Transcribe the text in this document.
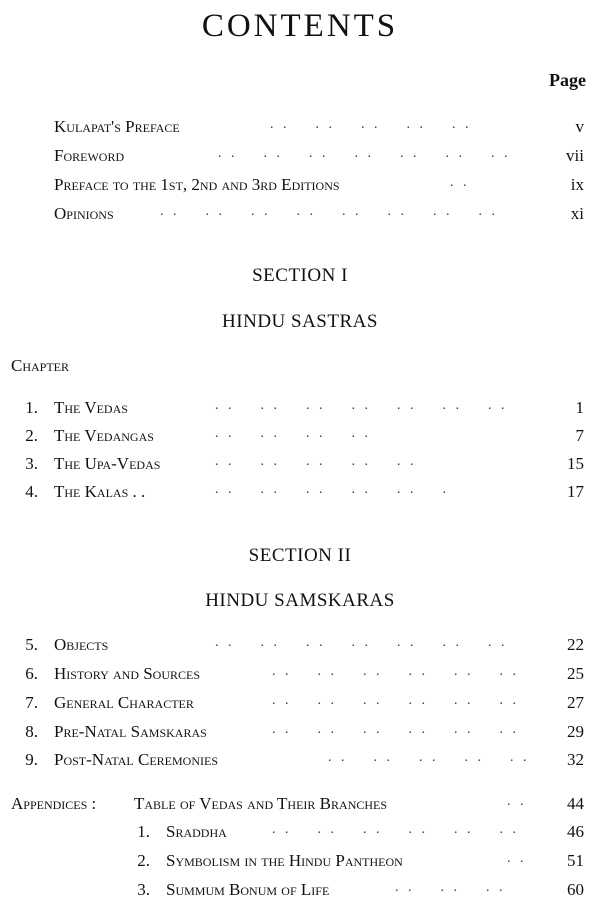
CONTENTS
Page
Kulapat's Preface	. .    . .    . .    . .    . .	v
Foreword	. .    . .    . .    . .    . .    . .    . .	vii
Preface to the 1st, 2nd and 3rd Editions	. .	ix
Opinions	. .    . .    . .    . .    . .    . .    . .    . .	xi
SECTION I
HINDU SASTRAS
Chapter
1. The Vedas	. .    . .    . .    . .    . .    . .    . .	1
2. The Vedangas	. .    . .    . .    . .	7
3. The Upa-Vedas	. .    . .    . .    . .    . .	15
4. The Kalas . .	. .    . .    . .    . .    . .    .	17
SECTION II
HINDU SAMSKARAS
5. Objects	. .    . .    . .    . .    . .    . .    . .	22
6. History and Sources	. .    . .    . .    . .    . .    . .	25
7. General Character	. .    . .    . .    . .    . .    . .	27
8. Pre-Natal Samskaras	. .    . .    . .    . .    . .    . .	29
9. Post-Natal Ceremonies	. .    . .    . .    . .    . .	32
Appendices : Table of Vedas and Their Branches	. .	44
1. Sraddha	. .    . .    . .    . .    . .    . .	46
2. Symbolism in the Hindu Pantheon	. .	51
3. Summum Bonum of Life	. .    . .    . .	60
